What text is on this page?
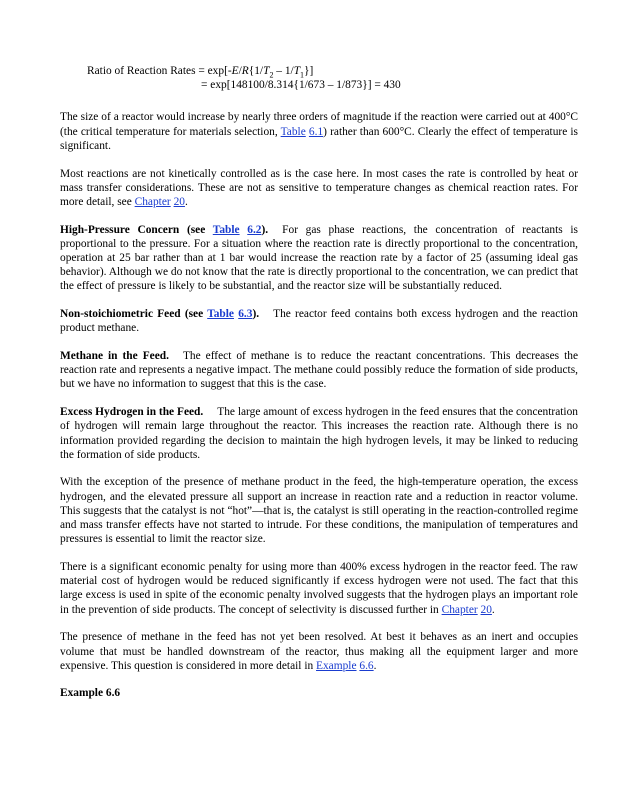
Ratio of Reaction Rates = $\exp[-E/R\{1/T_2 - 1/T_1\}]$
= exp[148100/8.314{1/673 – 1/873}] = 430

The size of a reactor would increase by nearly three orders of magnitude if the reaction were carried out at 400°C (the critical temperature for materials selection, Table 6.1) rather than 600°C. Clearly the effect of temperature is significant.

Most reactions are not kinetically controlled as is the case here. In most cases the rate is controlled by heat or mass transfer considerations. These are not as sensitive to temperature changes as chemical reaction rates. For more detail, see Chapter 20.

High-Pressure Concern (see Table 6.2). For gas phase reactions, the concentration of reactants is proportional to the pressure. For a situation where the reaction rate is directly proportional to the concentration, operation at 25 bar rather than at 1 bar would increase the reaction rate by a factor of 25 (assuming ideal gas behavior). Although we do not know that the rate is directly proportional to the concentration, we can predict that the effect of pressure is likely to be substantial, and the reactor size will be substantially reduced.

Non-stoichiometric Feed (see Table 6.3). The reactor feed contains both excess hydrogen and the reaction product methane.

Methane in the Feed. The effect of methane is to reduce the reactant concentrations. This decreases the reaction rate and represents a negative impact. The methane could possibly reduce the formation of side products, but we have no information to suggest that this is the case.

Excess Hydrogen in the Feed. The large amount of excess hydrogen in the feed ensures that the concentration of hydrogen will remain large throughout the reactor. This increases the reaction rate. Although there is no information provided regarding the decision to maintain the high hydrogen levels, it may be linked to reducing the formation of side products.

With the exception of the presence of methane product in the feed, the high-temperature operation, the excess hydrogen, and the elevated pressure all support an increase in reaction rate and a reduction in reactor volume. This suggests that the catalyst is not “hot”—that is, the catalyst is still operating in the reaction-controlled regime and mass transfer effects have not started to intrude. For these conditions, the manipulation of temperatures and pressures is essential to limit the reactor size.

There is a significant economic penalty for using more than 400% excess hydrogen in the reactor feed. The raw material cost of hydrogen would be reduced significantly if excess hydrogen were not used. The fact that this large excess is used in spite of the economic penalty involved suggests that the hydrogen plays an important role in the prevention of side products. The concept of selectivity is discussed further in Chapter 20.

The presence of methane in the feed has not yet been resolved. At best it behaves as an inert and occupies volume that must be handled downstream of the reactor, thus making all the equipment larger and more expensive. This question is considered in more detail in Example 6.6.

Example 6.6
